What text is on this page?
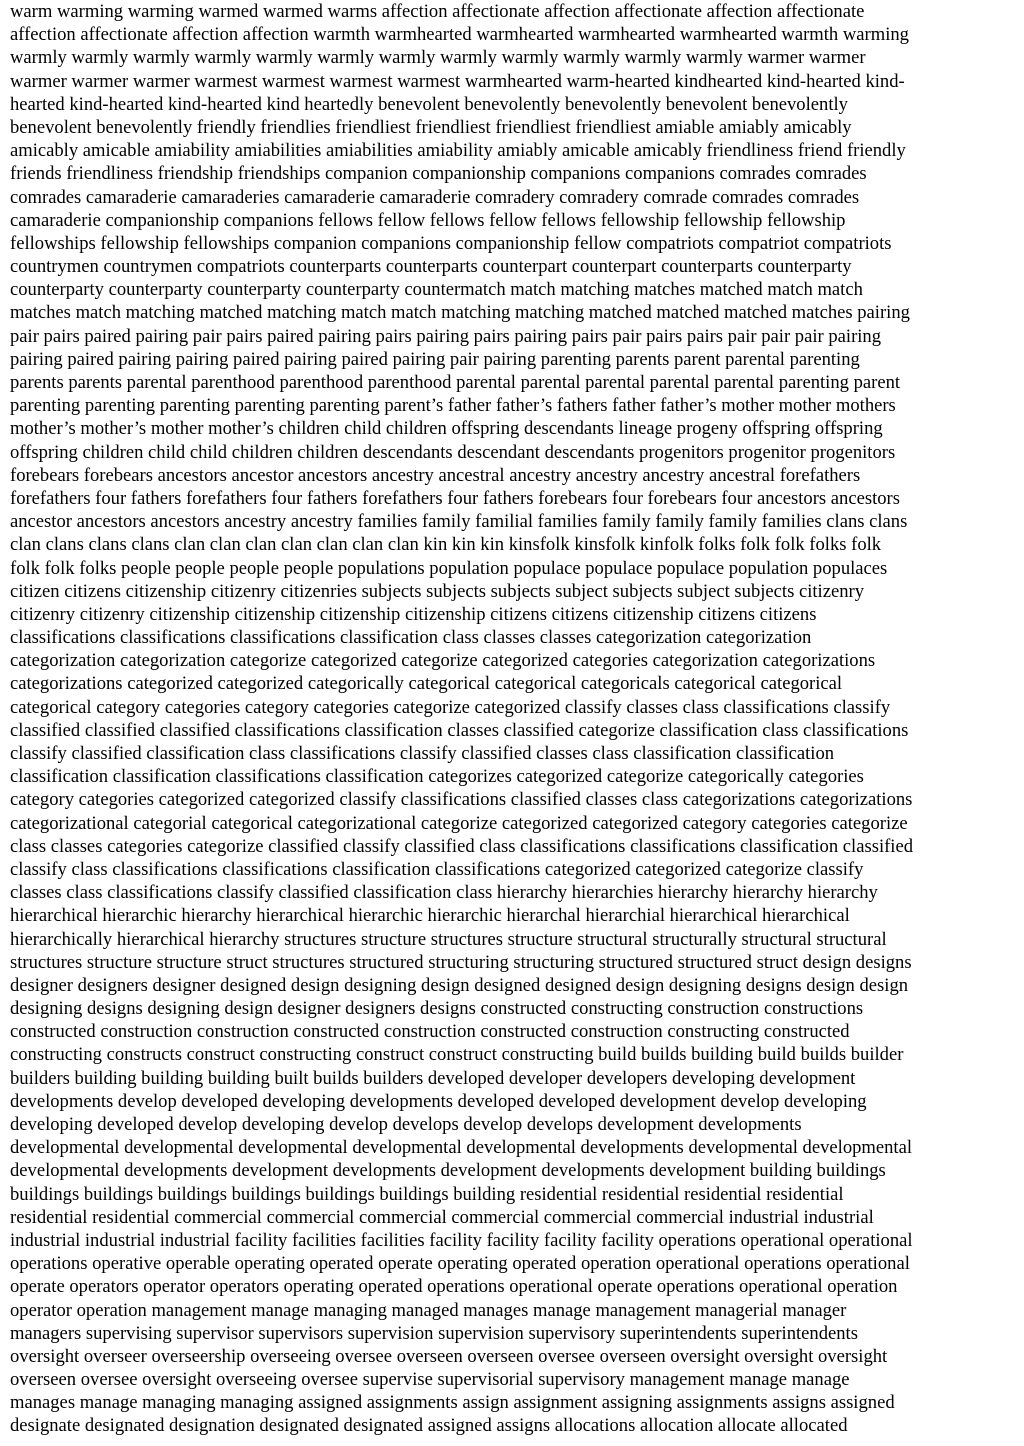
warm warming warming warmed warmed warms affection affectionate affection affectionate affection affectionate
affection affectionate affection affection warmth warmhearted warmhearted warmhearted warmhearted warmth warming
warmly warmly warmly warmly warmly warmly warmly warmly warmly warmly warmly warmly warmer warmer
warmer warmer warmer warmest warmest warmest warmest warmhearted warm-hearted kindhearted kind-hearted kind-
hearted kind-hearted kind-hearted kind heartedly benevolent benevolently benevolently benevolent benevolently
benevolent benevolently friendly friendlies friendliest friendliest friendliest friendliest amiable amiably amicably
amicably amicable amiability amiabilities amiabilities amiability amiably amicable amicably friendliness friend friendly
friends friendliness friendship friendships companion companionship companions companions comrades comrades
comrades camaraderie camaraderies camaraderie camaraderie comradery comradery comrade comrades comrades
camaraderie companionship companions fellows fellow fellows fellow fellows fellowship fellowship fellowship
fellowships fellowship fellowships companion companions companionship fellow compatriots compatriot compatriots
countrymen countrymen compatriots counterparts counterparts counterpart counterpart counterparts counterparty
counterparty counterparty counterparty counterparty countermatch match matching matches matched match match
matches match matching matched matching match match matching matching matched matched matched matches pairing
pair pairs paired pairing pair pairs paired pairing pairs pairing pairs pairing pairs pair pairs pairs pair pair pair pairing
pairing paired pairing pairing paired pairing paired pairing pair pairing parenting parents parent parental parenting
parents parents parental parenthood parenthood parenthood parental parental parental parental parental parenting parent
parenting parenting parenting parenting parenting parent’s father father’s fathers father father’s mother mother mothers
mother’s mother’s mother mother’s children child children offspring descendants lineage progeny offspring offspring
offspring children child child children children descendants descendant descendants progenitors progenitor progenitors
forebears forebears ancestors ancestor ancestors ancestry ancestral ancestry ancestry ancestry ancestral forefathers
forefathers four fathers forefathers four fathers forefathers four fathers forebears four forebears four ancestors ancestors
ancestor ancestors ancestors ancestry ancestry families family familial families family family family families clans clans
clan clans clans clans clan clan clan clan clan clan clan kin kin kin kinsfolk kinsfolk kinfolk folks folk folk folks folk
folk folk folks people people people people populations population populace populace populace population populaces
citizen citizens citizenship citizenry citizenries subjects subjects subjects subject subjects subject subjects citizenry
citizenry citizenry citizenship citizenship citizenship citizenship citizens citizens citizenship citizens citizens
classifications classifications classifications classification class classes classes categorization categorization
categorization categorization categorize categorized categorize categorized categories categorization categorizations
categorizations categorized categorized categorically categorical categorical categoricals categorical categorical
categorical category categories category categories categorize categorized classify classes class classifications classify
classified classified classified classifications classification classes classified categorize classification class classifications
classify classified classification class classifications classify classified classes class classification classification
classification classification classifications classification categorizes categorized categorize categorically categories
category categories categorized categorized classify classifications classified classes class categorizations categorizations
categorizational categorial categorical categorizational categorize categorized categorized category categories categorize
class classes categories categorize classified classify classified class classifications classifications classification classified
classify class classifications classifications classification classifications categorized categorized categorize classify
classes class classifications classify classified classification class hierarchy hierarchies hierarchy hierarchy hierarchy
hierarchical hierarchic hierarchy hierarchical hierarchic hierarchic hierarchal hierarchial hierarchical hierarchical
hierarchically hierarchical hierarchy structures structure structures structure structural structurally structural structural
structures structure structure struct structures structured structuring structuring structured structured struct design designs
designer designers designer designed design designing design designed designed design designing designs design design
designing designs designing design designer designers designs constructed constructing construction constructions
constructed construction construction constructed construction constructed construction constructing constructed
constructing constructs construct constructing construct construct constructing build builds building build builds builder
builders building building building built builds builders developed developer developers developing development
developments develop developed developing developments developed developed development develop developing
developing developed develop developing develop develops develop develops development developments
developmental developmental developmental developmental developmental developments developmental developmental
developmental developments development developments development developments development building buildings
buildings buildings buildings buildings buildings buildings building residential residential residential residential
residential residential commercial commercial commercial commercial commercial commercial industrial industrial
industrial industrial industrial facility facilities facilities facility facility facility facility operations operational operational
operations operative operable operating operated operate operating operated operation operational operations operational
operate operators operator operators operating operated operations operational operate operations operational operation
operator operation management manage managing managed manages manage management managerial manager
managers supervising supervisor supervisors supervision supervision supervisory superintendents superintendents
oversight overseer overseership overseeing oversee overseen overseen oversee overseen oversight oversight oversight
overseen oversee oversight overseeing oversee supervise supervisorial supervisory management manage manage
manages manage managing managing assigned assignments assign assignment assigning assignments assigns assigned
designate designated designation designated designated assigned assigns allocations allocation allocate allocated
